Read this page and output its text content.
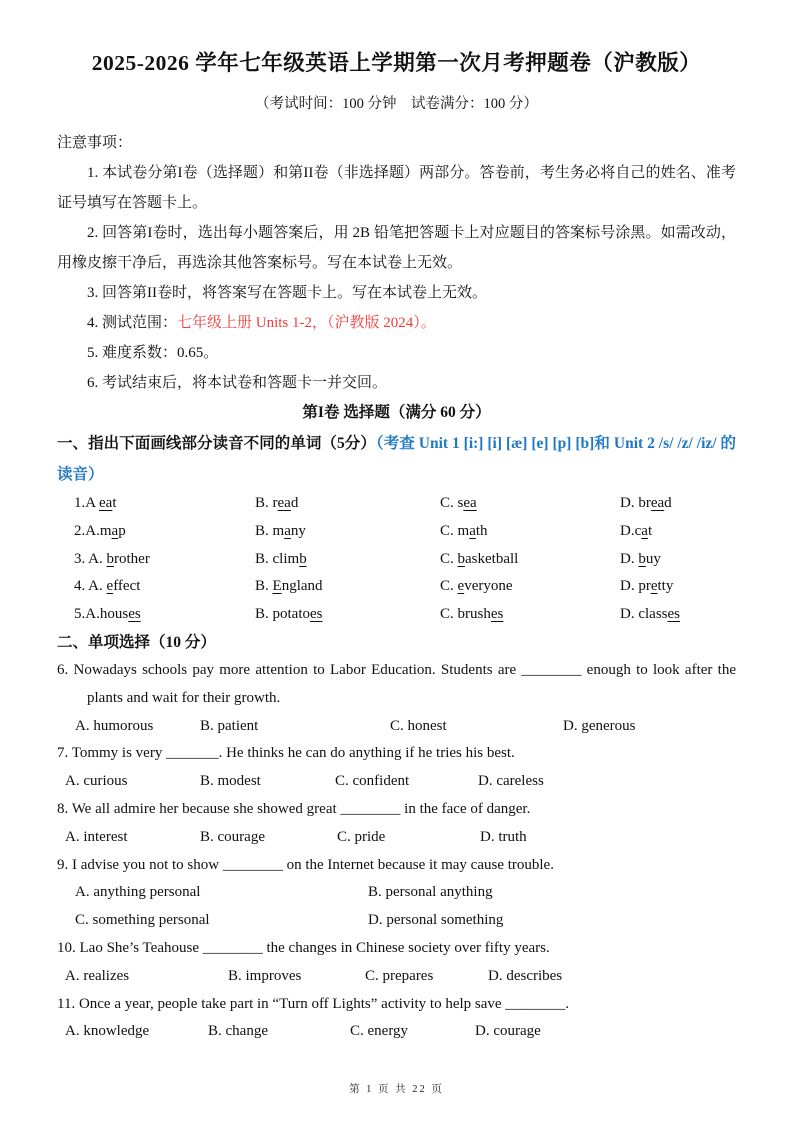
2025-2026 学年七年级英语上学期第一次月考押题卷（沪教版）
（考试时间：100 分钟　试卷满分：100 分）

注意事项：

1. 本试卷分第I卷（选择题）和第II卷（非选择题）两部分。答卷前，考生务必将自己的姓名、准考证号填写在答题卡上。

2. 回答第I卷时，选出每小题答案后，用 2B 铅笔把答题卡上对应题目的答案标号涂黑。如需改动，用橡皮擦干净后，再选涂其他答案标号。写在本试卷上无效。

3. 回答第II卷时，将答案写在答题卡上。写在本试卷上无效。

4. 测试范围：七年级上册 Units 1-2，（沪教版 2024）。

5. 难度系数：0.65。

6. 考试结束后，将本试卷和答题卡一并交回。

第I卷 选择题（满分 60 分）

一、指出下面画线部分读音不同的单词（5分）（考查 Unit 1 [i:] [i] [æ] [e] [p] [b]和 Unit 2 /s/ /z/ /iz/ 的读音）

1.A eat	B. read	C. sea	D. bread
2.A.map	B. many	C. math	D.cat
3. A. brother	B. climb	C. basketball	D. buy
4. A. effect	B. England	C. everyone	D. pretty
5.A.houses	B. potatoes	C. brushes	D. classes

二、单项选择（10 分）

6. Nowadays schools pay more attention to Labor Education. Students are ________ enough to look after the plants and wait for their growth.

A. humorous	B. patient	C. honest	D. generous

7. Tommy is very _______. He thinks he can do anything if he tries his best.

A. curious	B. modest	C. confident	D. careless

8. We all admire her because she showed great ________ in the face of danger.

A. interest	B. courage	C. pride	D. truth

9. I advise you not to show ________ on the Internet because it may cause trouble.

A. anything personal	B. personal anything
C. something personal	D. personal something

10. Lao She’s Teahouse ________ the changes in Chinese society over fifty years.

A. realizes	B. improves	C. prepares	D. describes

11. Once a year, people take part in “Turn off Lights” activity to help save ________.

A. knowledge	B. change	C. energy	D. courage
第 1 页 共 22 页
